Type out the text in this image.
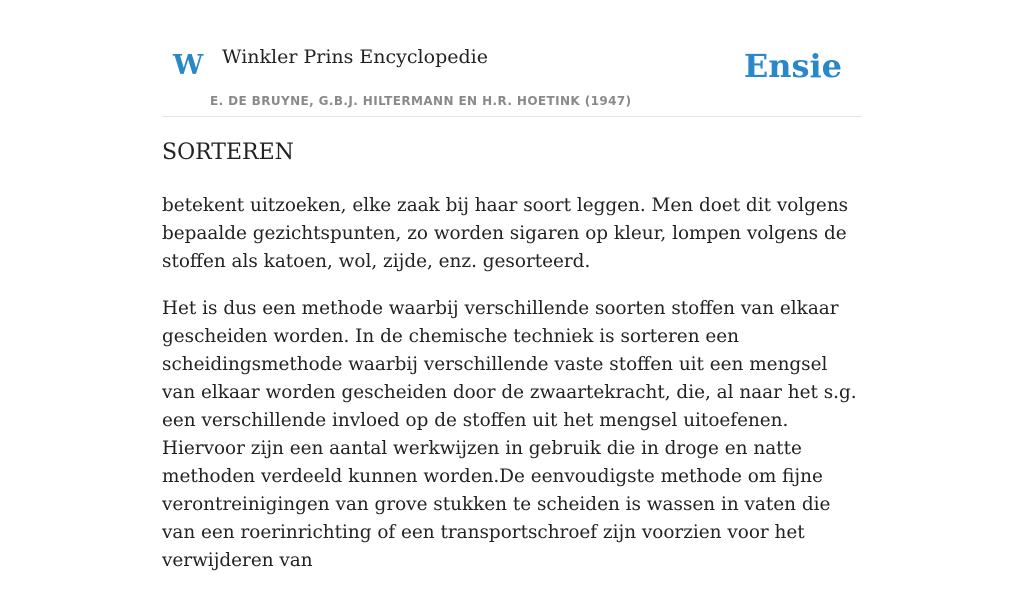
W Winkler Prins Encyclopedie
E. DE BRUYNE, G.B.J. HILTERMANN EN H.R. HOETINK (1947)
Ensie
SORTEREN

betekent uitzoeken, elke zaak bij haar soort leggen. Men doet dit volgens bepaalde gezichtspunten, zo worden sigaren op kleur, lompen volgens de stoffen als katoen, wol, zijde, enz. gesorteerd.

Het is dus een methode waarbij verschillende soorten stoffen van elkaar gescheiden worden. In de chemische techniek is sorteren een scheidingsmethode waarbij verschillende vaste stoffen uit een mengsel van elkaar worden gescheiden door de zwaartekracht, die, al naar het s.g. een verschillende invloed op de stoffen uit het mengsel uitoefenen. Hiervoor zijn een aantal werkwijzen in gebruik die in droge en natte methoden verdeeld kunnen worden.De eenvoudigste methode om fijne verontreinigingen van grove stukken te scheiden is wassen in vaten die van een roerinrichting of een transportschroef zijn voorzien voor het verwijderen van
